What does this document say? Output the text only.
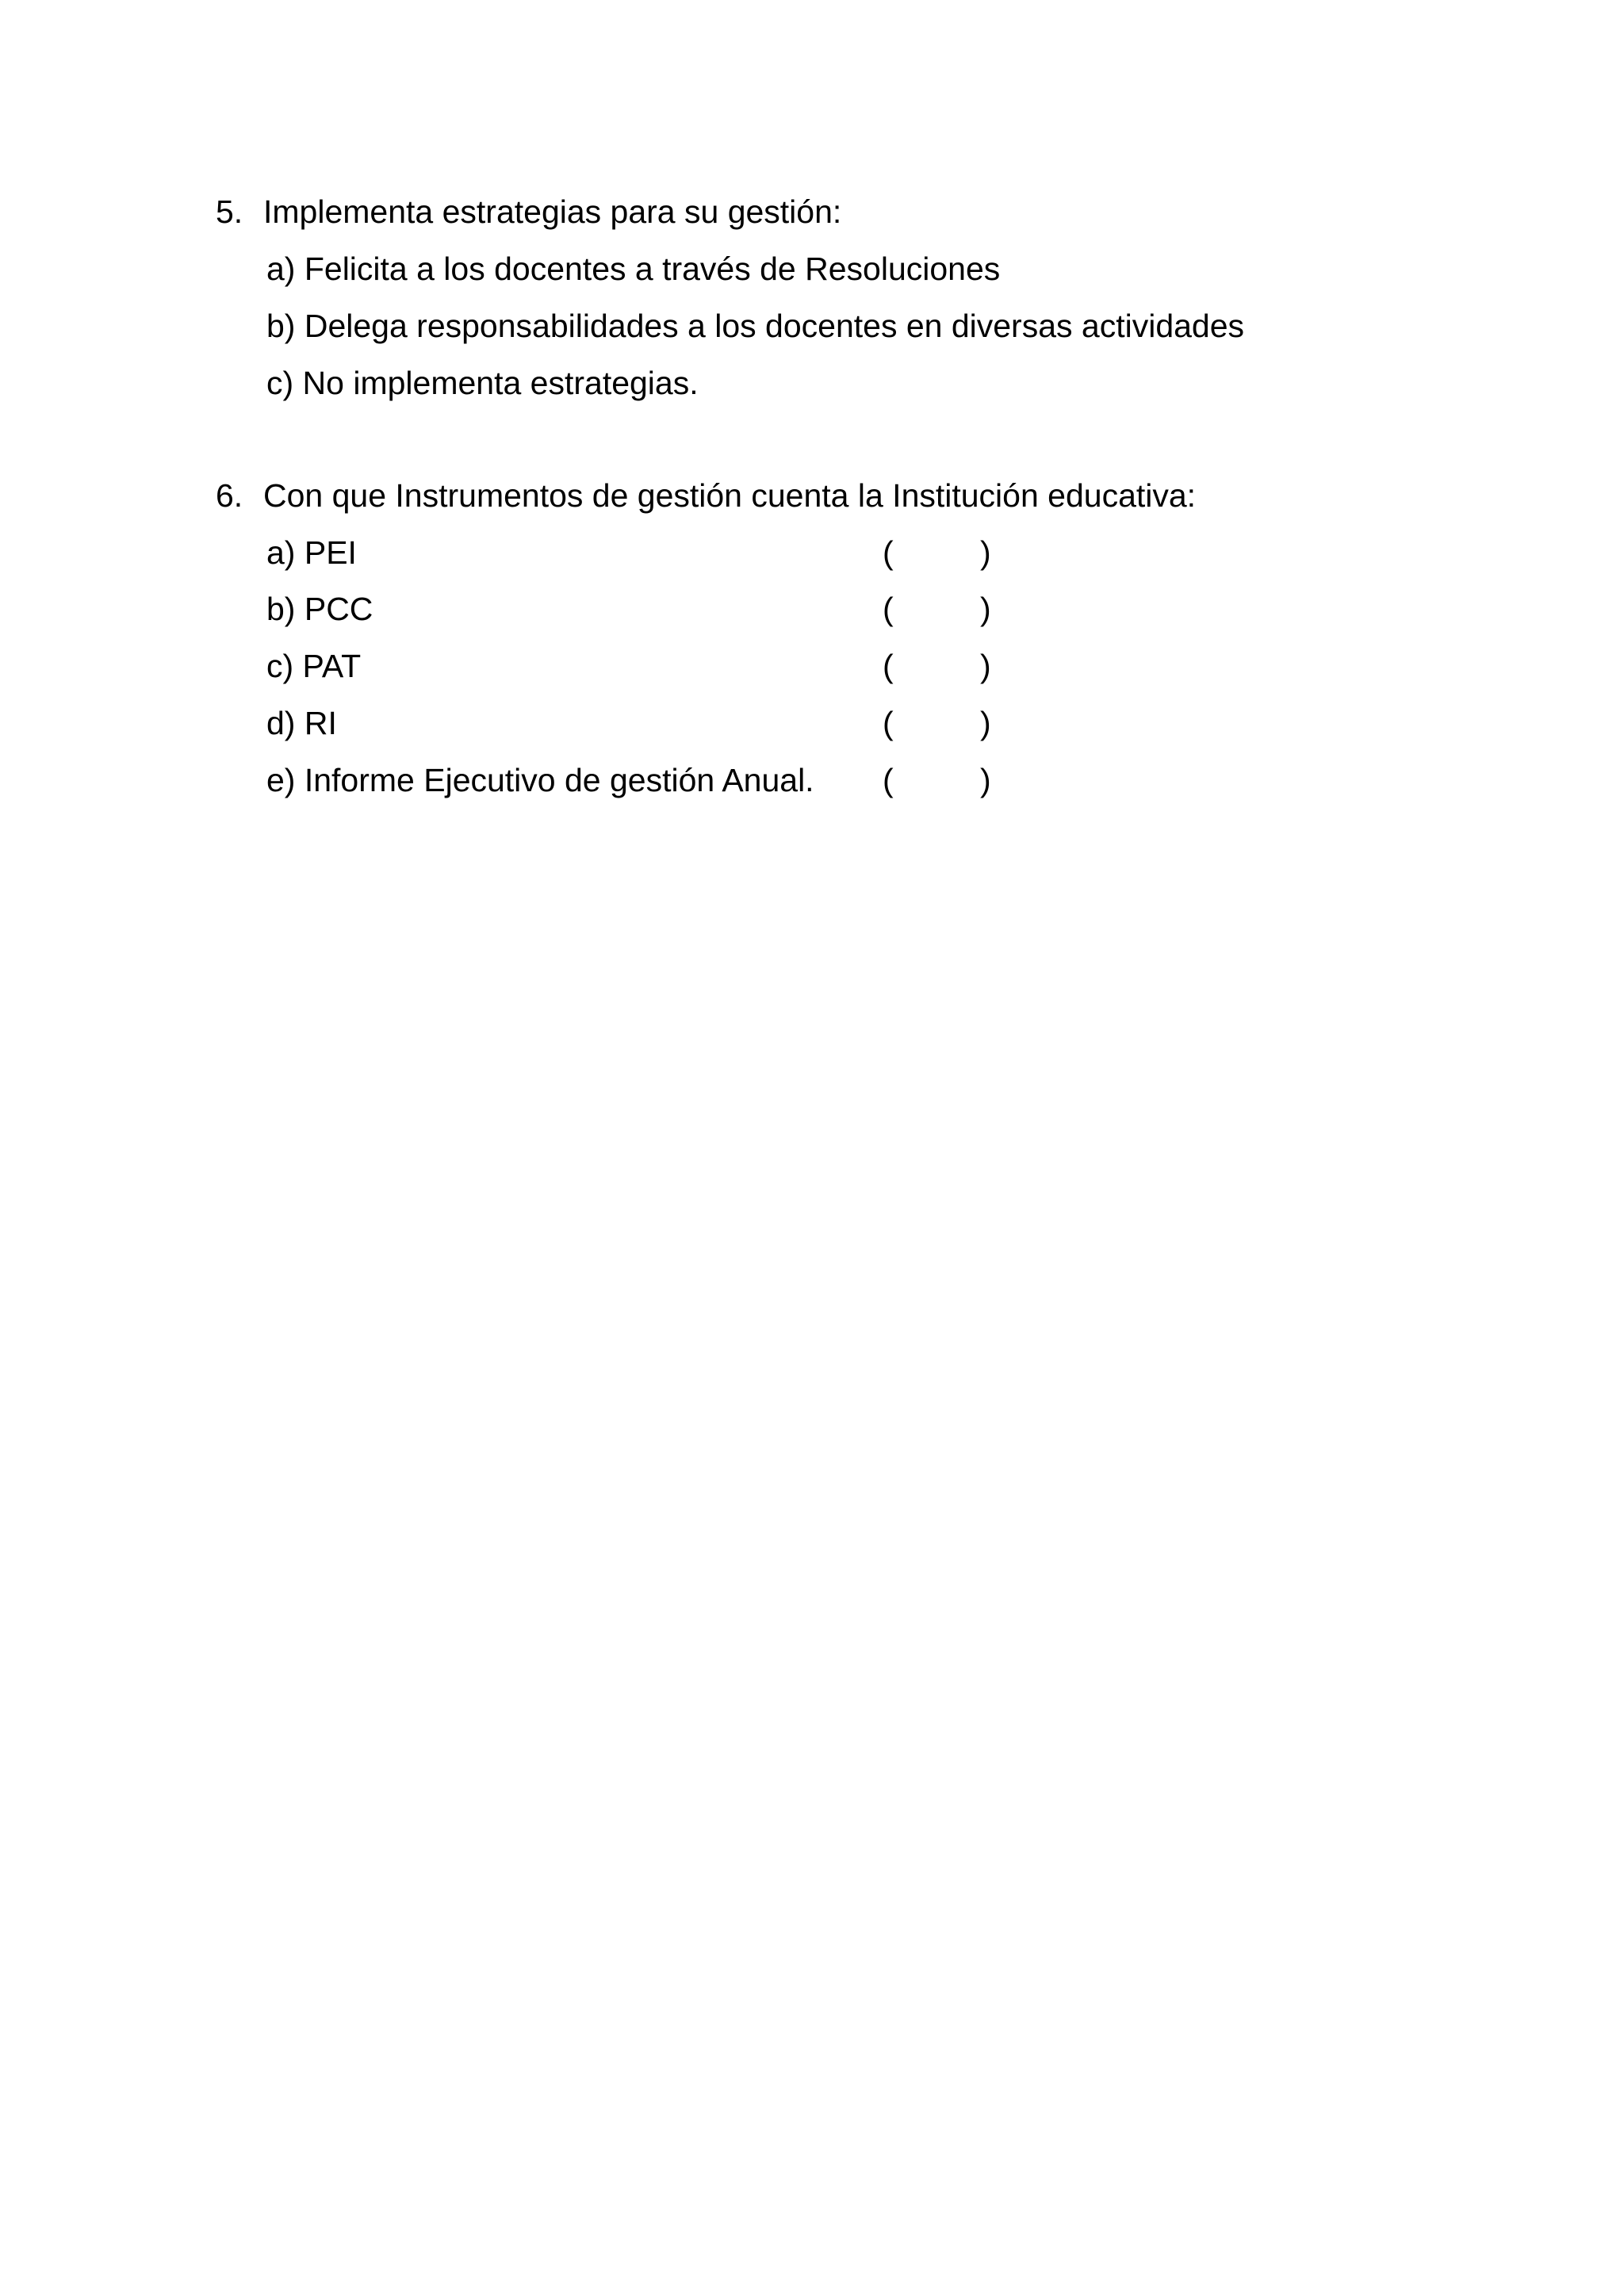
5. Implementa estrategias para su gestión:
a) Felicita a los docentes a través de Resoluciones
b) Delega responsabilidades a los docentes en diversas actividades
c) No implementa estrategias.
6. Con que Instrumentos de gestión cuenta la Institución educativa:
a) PEI	(	)
b) PCC	(	)
c) PAT	(	)
d) RI	(	)
e) Informe Ejecutivo de gestión Anual. (	)
